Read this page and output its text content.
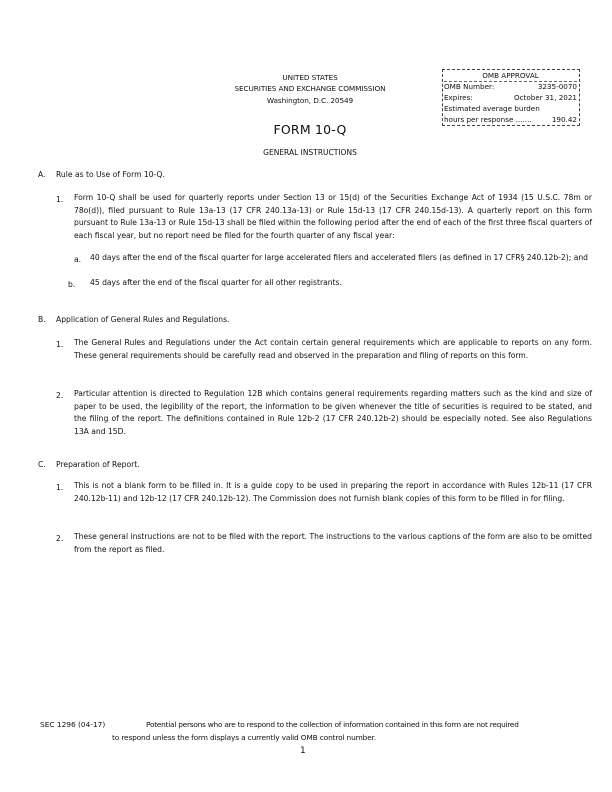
UNITED STATES
SECURITIES AND EXCHANGE COMMISSION
Washington, D.C. 20549
OMB APPROVAL
OMB Number:	3235-0070
Expires:	October 31, 2021
Estimated average burden
hours per response .......	190.42
FORM 10-Q
GENERAL INSTRUCTIONS
A. Rule as to Use of Form 10-Q.
1. Form 10-Q shall be used for quarterly reports under Section 13 or 15(d) of the Securities Exchange Act of 1934 (15 U.S.C. 78m or 78o(d)), filed pursuant to Rule 13a-13 (17 CFR 240.13a-13) or Rule 15d-13 (17 CFR 240.15d-13). A quarterly report on this form pursuant to Rule 13a-13 or Rule 15d-13 shall be filed within the following period after the end of each of the first three fiscal quarters of each fiscal year, but no report need be filed for the fourth quarter of any fiscal year:
a. 40 days after the end of the fiscal quarter for large accelerated filers and accelerated filers (as defined in 17 CFR§ 240.12b-2); and
b. 45 days after the end of the fiscal quarter for all other registrants.
B. Application of General Rules and Regulations.
1. The General Rules and Regulations under the Act contain certain general requirements which are applicable to reports on any form. These general requirements should be carefully read and observed in the preparation and filing of reports on this form.
2. Particular attention is directed to Regulation 12B which contains general requirements regarding matters such as the kind and size of paper to be used, the legibility of the report, the information to be given whenever the title of securities is required to be stated, and the filing of the report. The definitions contained in Rule 12b-2 (17 CFR 240.12b-2) should be especially noted. See also Regulations 13A and 15D.
C. Preparation of Report.
1. This is not a blank form to be filled in. It is a guide copy to be used in preparing the report in accordance with Rules 12b-11 (17 CFR 240.12b-11) and 12b-12 (17 CFR 240.12b-12). The Commission does not furnish blank copies of this form to be filled in for filing.
2. These general instructions are not to be filed with the report. The instructions to the various captions of the form are also to be omitted from the report as filed.
SEC 1296 (04-17)	Potential persons who are to respond to the collection of information contained in this form are not required
to respond unless the form displays a currently valid OMB control number.
1
